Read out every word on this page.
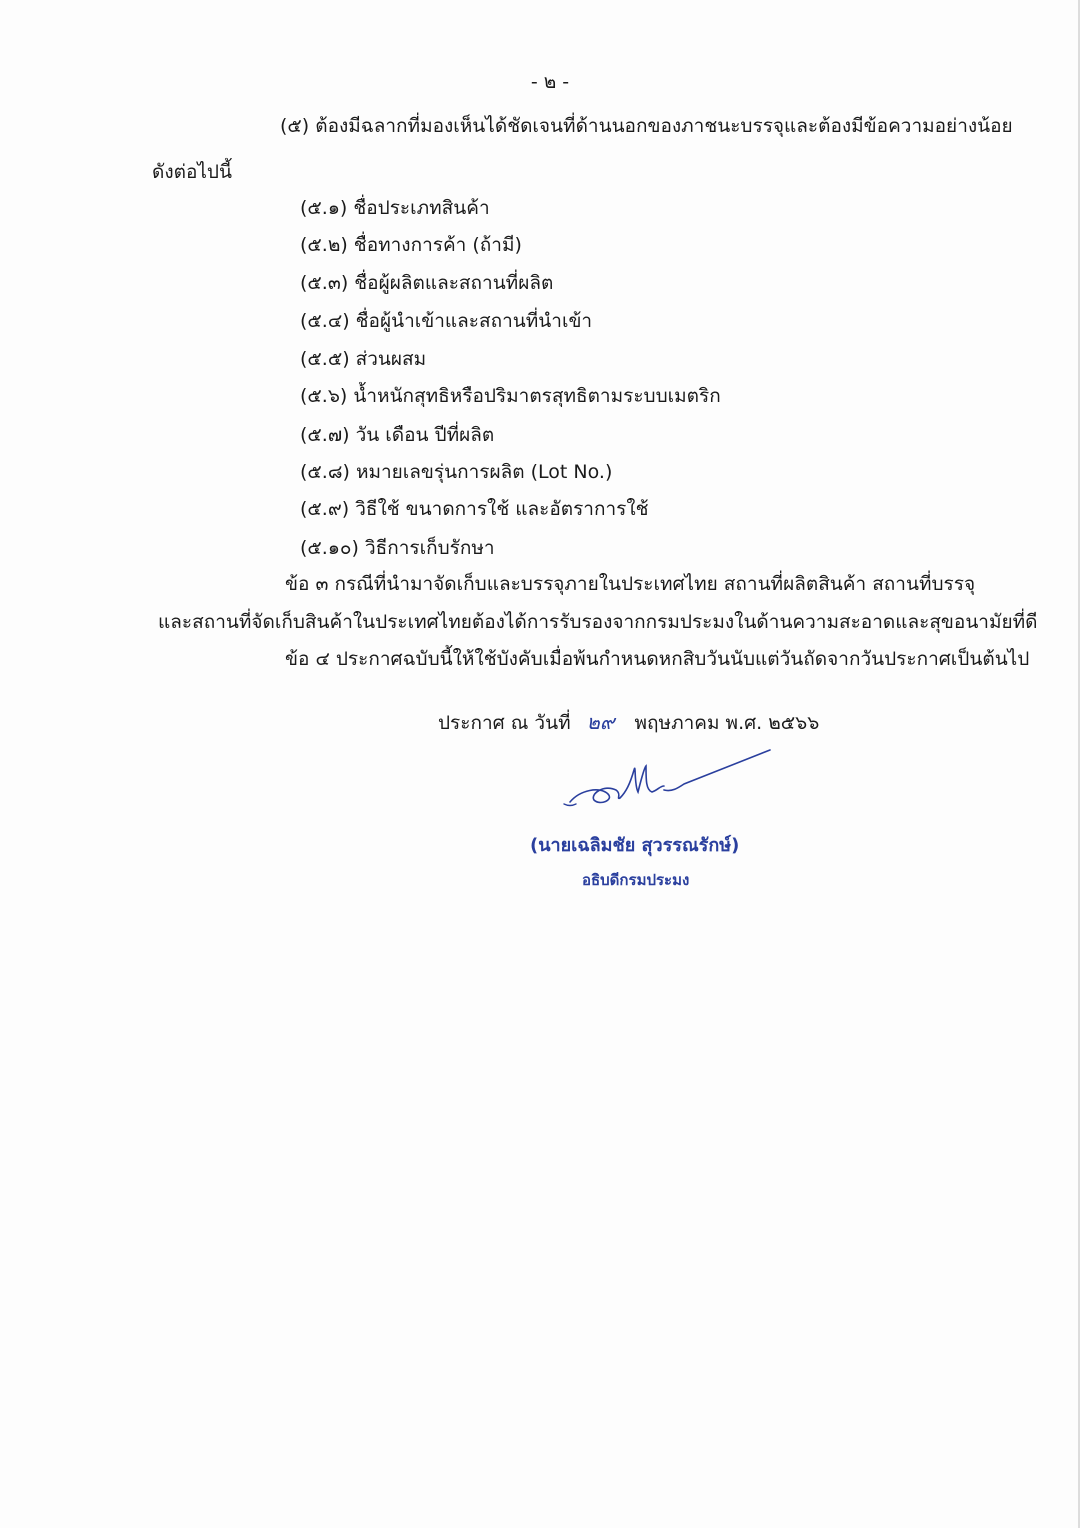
- ๒ -
(๕) ต้องมีฉลากที่มองเห็นได้ชัดเจนที่ด้านนอกของภาชนะบรรจุและต้องมีข้อความอย่างน้อย
ดังต่อไปนี้
(๕.๑) ชื่อประเภทสินค้า
(๕.๒) ชื่อทางการค้า (ถ้ามี)
(๕.๓) ชื่อผู้ผลิตและสถานที่ผลิต
(๕.๔) ชื่อผู้นำเข้าและสถานที่นำเข้า
(๕.๕) ส่วนผสม
(๕.๖) น้ำหนักสุทธิหรือปริมาตรสุทธิตามระบบเมตริก
(๕.๗) วัน เดือน ปีที่ผลิต
(๕.๘) หมายเลขรุ่นการผลิต (Lot No.)
(๕.๙) วิธีใช้ ขนาดการใช้ และอัตราการใช้
(๕.๑๐) วิธีการเก็บรักษา
ข้อ ๓ กรณีที่นำมาจัดเก็บและบรรจุภายในประเทศไทย สถานที่ผลิตสินค้า สถานที่บรรจุ
และสถานที่จัดเก็บสินค้าในประเทศไทยต้องได้การรับรองจากกรมประมงในด้านความสะอาดและสุขอนามัยที่ดี
ข้อ ๔ ประกาศฉบับนี้ให้ใช้บังคับเมื่อพ้นกำหนดหกสิบวันนับแต่วันถัดจากวันประกาศเป็นต้นไป
ประกาศ ณ วันที่ ๒๙ พฤษภาคม พ.ศ. ๒๕๖๖
(นายเฉลิมชัย สุวรรณรักษ์)
อธิบดีกรมประมง
